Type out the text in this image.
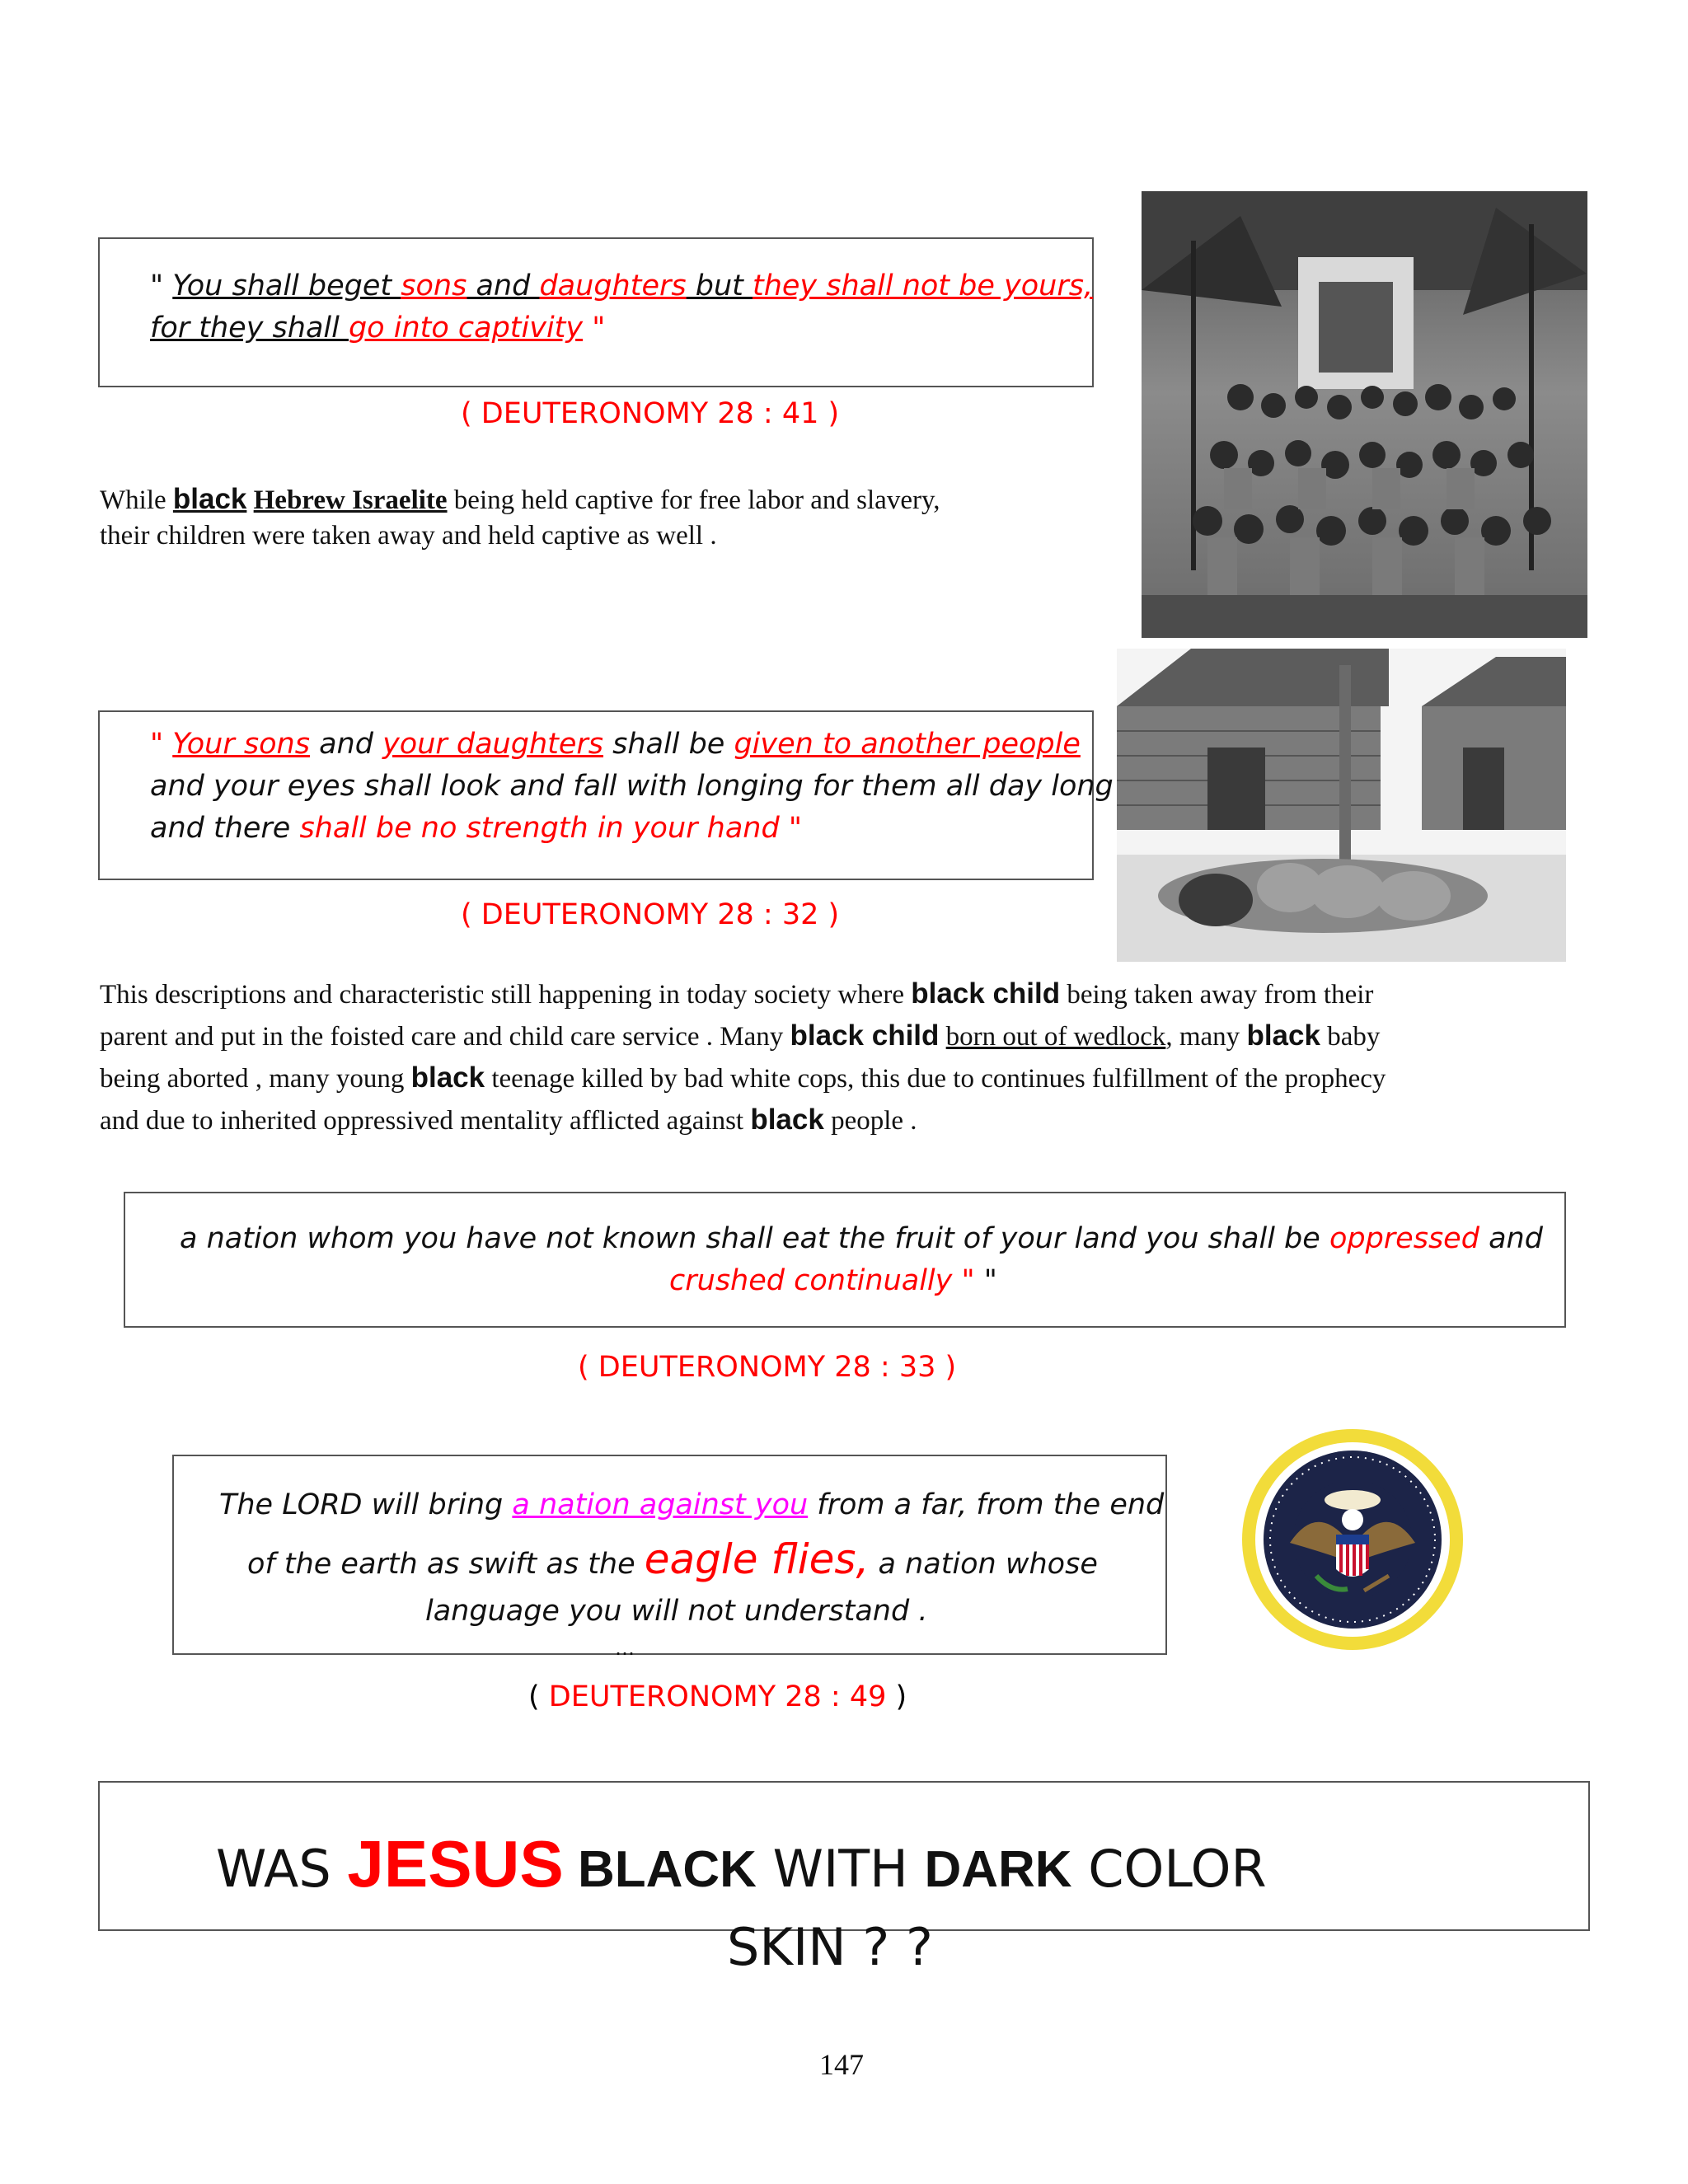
" You shall beget sons and daughters but they shall not be yours,
for they shall go into captivity "
( DEUTERONOMY 28 : 41 )
While black Hebrew Israelite being held captive for free labor and slavery,
their children were taken away and held captive as well .
" Your sons and your daughters shall be given to another people
and your eyes shall look and fall with longing for them all day long
and there shall be no strength in your hand "
( DEUTERONOMY 28 : 32 )
This descriptions and characteristic still happening in today society where black child being taken away from their
parent and put in the foisted care and child care service . Many black child born out of wedlock, many black baby
being aborted , many young black teenage killed by bad white cops, this due to continues fulfillment of the prophecy
and due to inherited oppressived mentality afflicted against black people .
a nation whom you have not known shall eat the fruit of your land you shall be oppressed and
crushed continually " "
( DEUTERONOMY 28 : 33 )
The LORD will bring a nation against you from a far, from the end
of the earth as swift as the eagle flies, a nation whose
language you will not understand .
…
( DEUTERONOMY 28 : 49 )
WAS JESUS BLACK WITH DARK COLOR
SKIN ? ?
147
